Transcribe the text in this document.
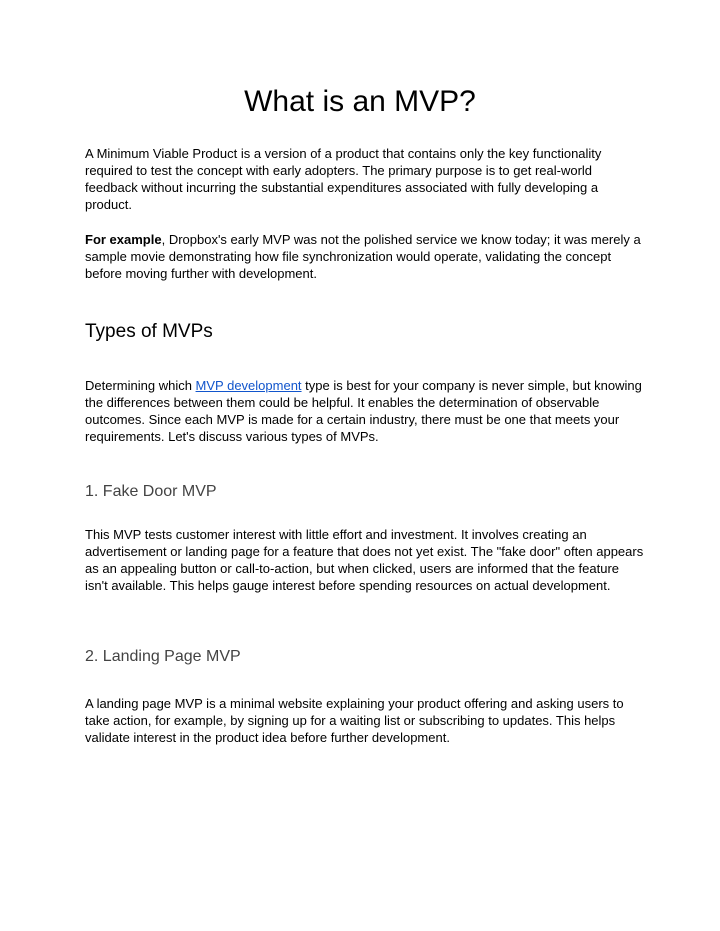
What is an MVP?

A Minimum Viable Product is a version of a product that contains only the key functionality required to test the concept with early adopters. The primary purpose is to get real-world feedback without incurring the substantial expenditures associated with fully developing a product.

For example, Dropbox's early MVP was not the polished service we know today; it was merely a sample movie demonstrating how file synchronization would operate, validating the concept before moving further with development.

Types of MVPs

Determining which MVP development type is best for your company is never simple, but knowing the differences between them could be helpful. It enables the determination of observable outcomes. Since each MVP is made for a certain industry, there must be one that meets your requirements. Let's discuss various types of MVPs.

1. Fake Door MVP

This MVP tests customer interest with little effort and investment. It involves creating an advertisement or landing page for a feature that does not yet exist. The "fake door" often appears as an appealing button or call-to-action, but when clicked, users are informed that the feature isn't available. This helps gauge interest before spending resources on actual development.

2. Landing Page MVP

A landing page MVP is a minimal website explaining your product offering and asking users to take action, for example, by signing up for a waiting list or subscribing to updates. This helps validate interest in the product idea before further development.
